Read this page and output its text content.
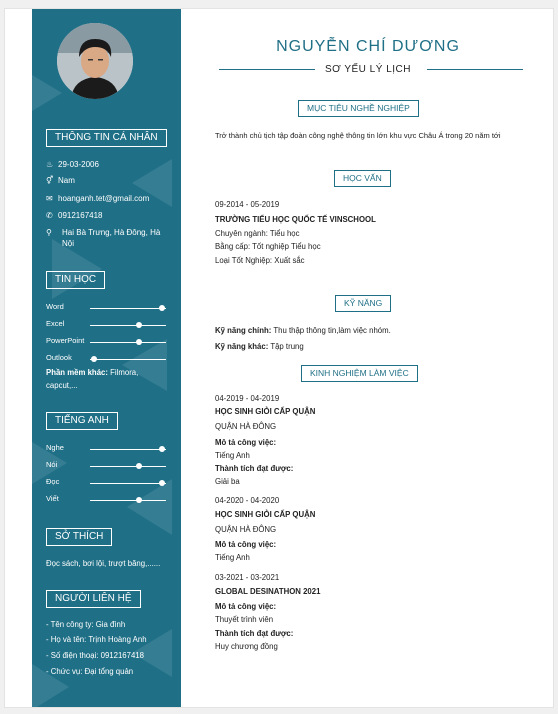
THÔNG TIN CÁ NHÂN
♨ 29-03-2006
⚥ Nam
✉ hoanganh.tet@gmail.com
✆ 0912167418
⚲	Hai Bà Trưng, Hà Đông, Hà Nội
TIN HỌC
Word
Excel
PowerPoint
Outlook
Phần mềm khác: Filmora, capcut,...
TIẾNG ANH
Nghe
Nói
Đọc
Viết
SỞ THÍCH
Đọc sách, bơi lội, trượt băng,......
NGƯỜI LIÊN HỆ
- Tên công ty: Gia đình
- Họ và tên: Trịnh Hoàng Anh
- Số điện thoại: 0912167418
- Chức vụ: Đại tổng quản
NGUYỄN CHÍ DƯƠNG
SƠ YẾU LÝ LỊCH
MỤC TIÊU NGHỀ NGHIỆP
Trở thành chủ tịch tập đoàn công nghệ thông tin lớn khu vực Châu Á trong 20 năm tới
HỌC VẤN
09-2014 - 05-2019
TRƯỜNG TIỂU HỌC QUỐC TẾ VINSCHOOL
Chuyên ngành: Tiểu học
Bằng cấp: Tốt nghiệp Tiểu học
Loại Tốt Nghiệp: Xuất sắc
KỸ NĂNG
Kỹ năng chính: Thu thập thông tin,làm việc nhóm.
Kỹ năng khác: Tập trung
KINH NGHIỆM LÀM VIỆC
04-2019 - 04-2019
HỌC SINH GIỎI CẤP QUẬN
QUẬN HÀ ĐÔNG
Mô tả công việc:
Tiếng Anh
Thành tích đạt được:
Giải ba
04-2020 - 04-2020
HỌC SINH GIỎI CẤP QUẬN
QUẬN HÀ ĐÔNG
Mô tả công việc:
Tiếng Anh
03-2021 - 03-2021
GLOBAL DESINATHON 2021
Mô tả công việc:
Thuyết trình viên
Thành tích đạt được:
Huy chương đồng
